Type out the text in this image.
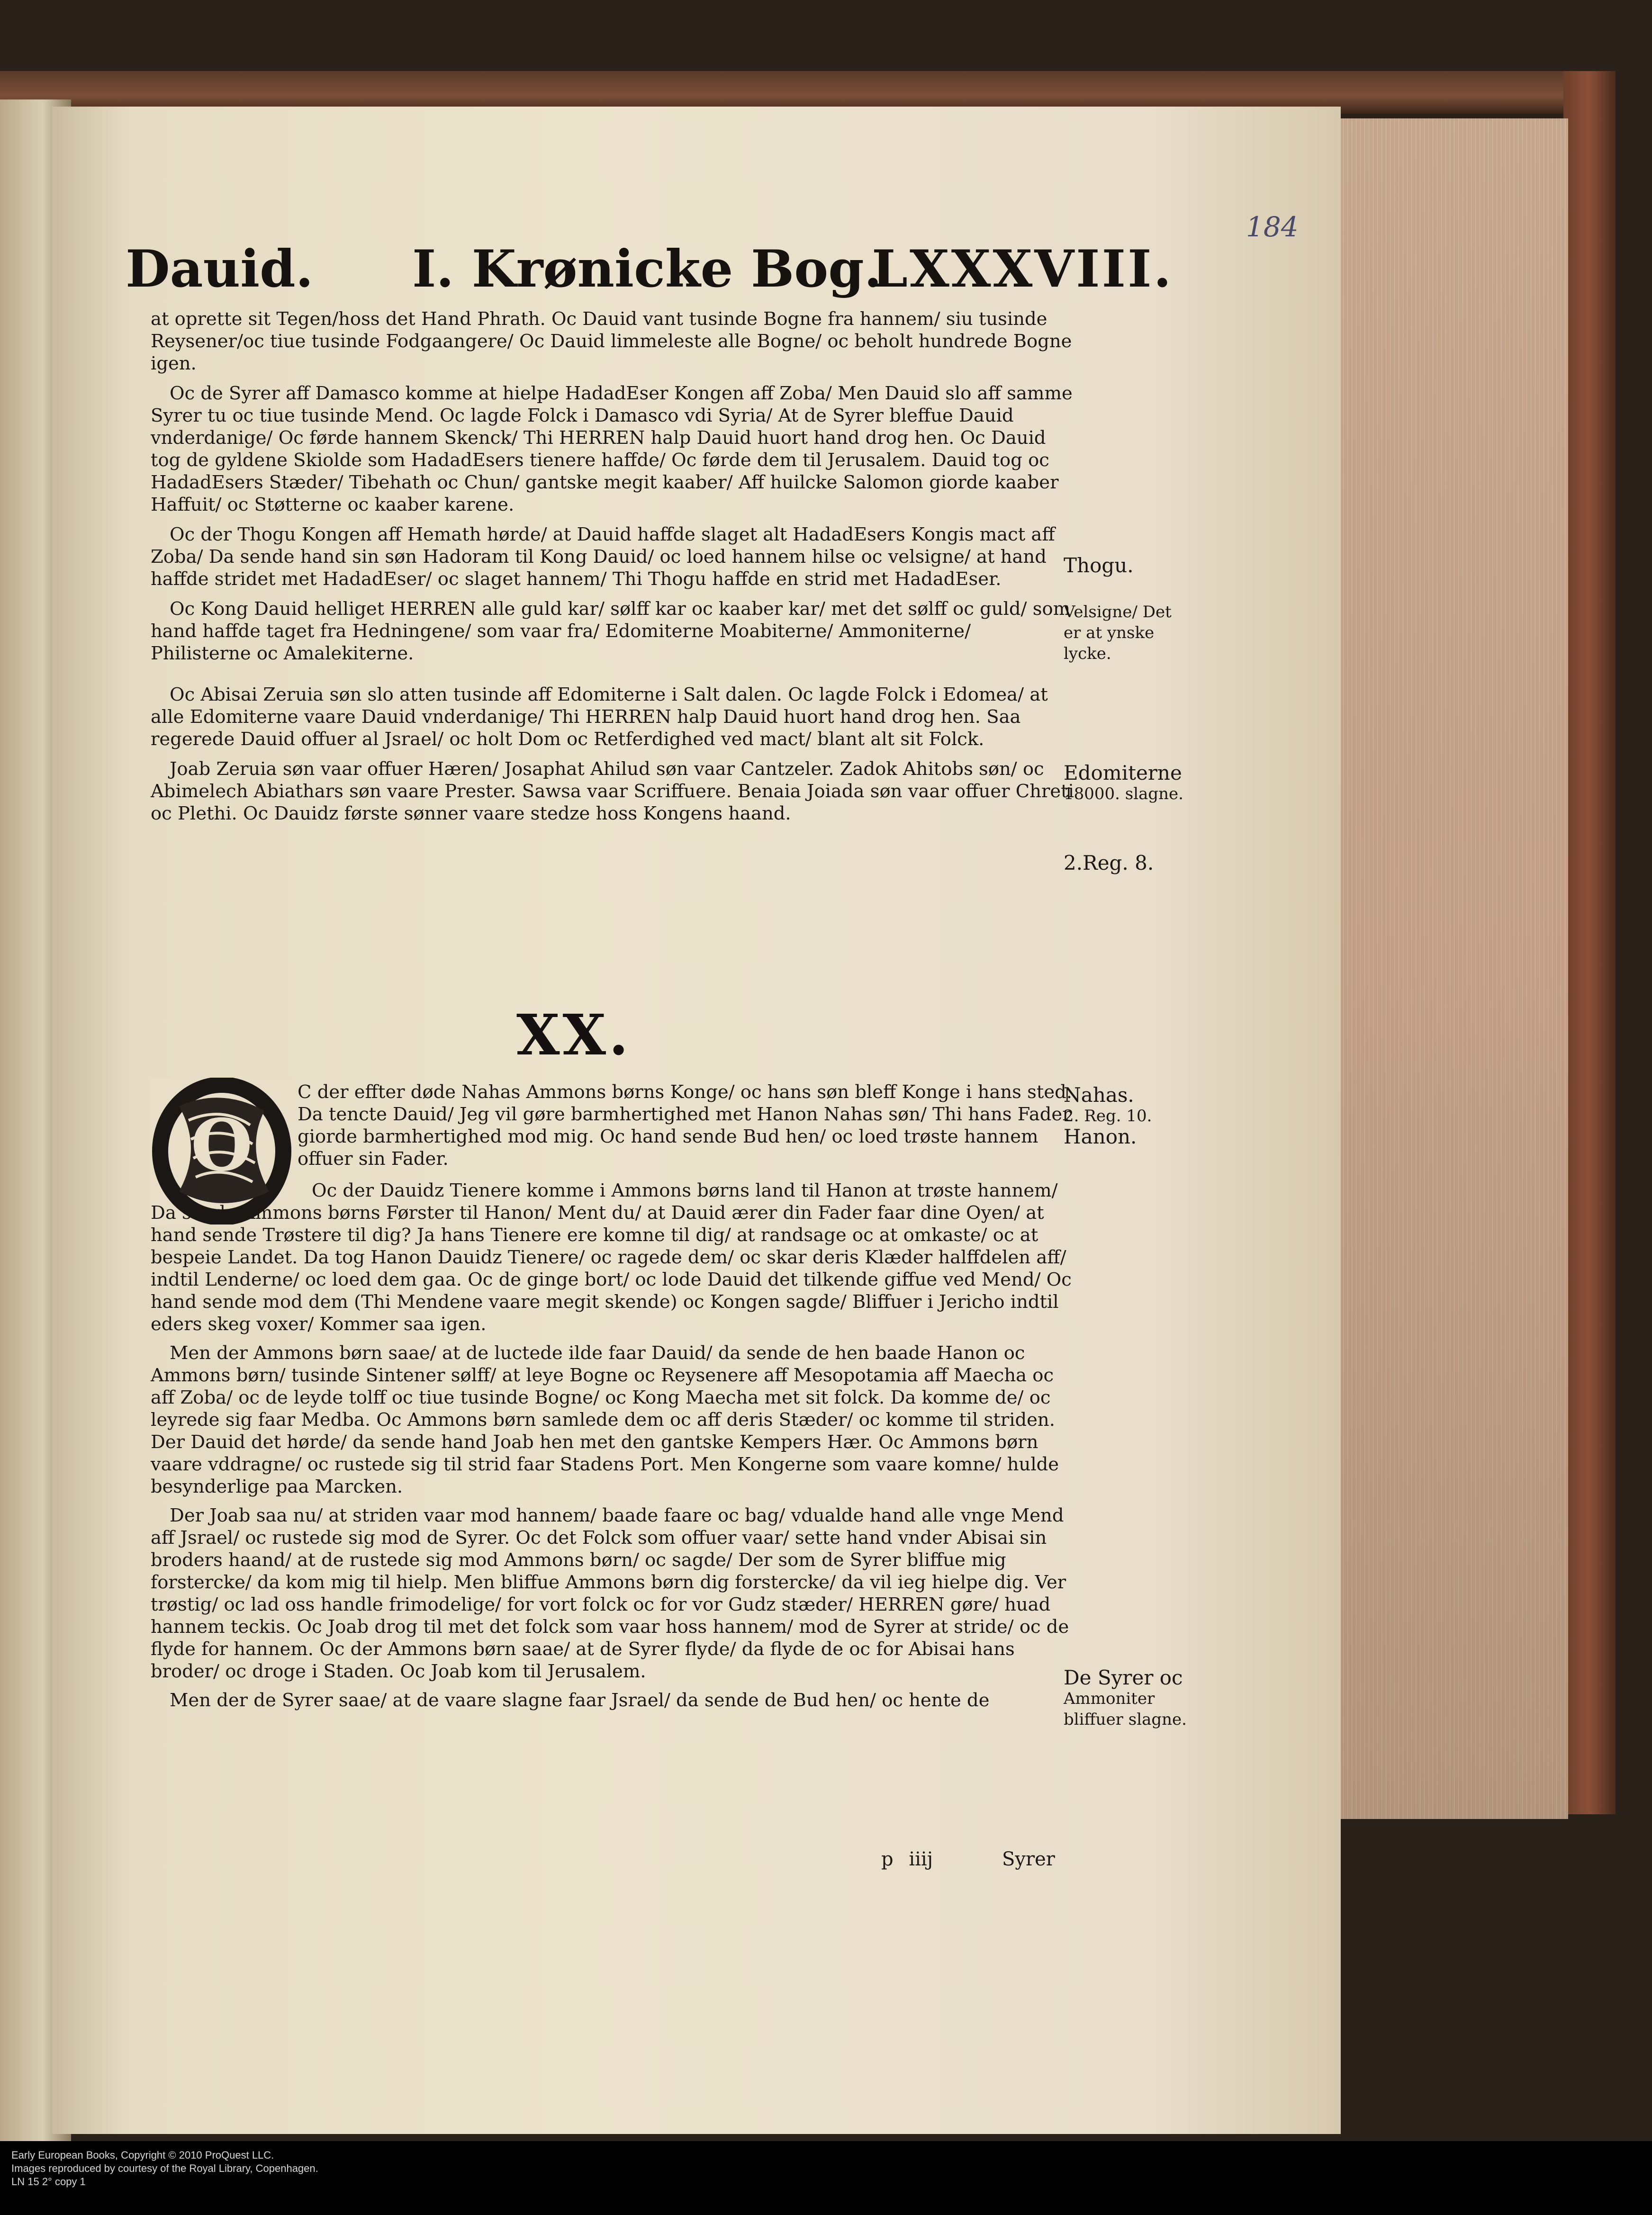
184
Dauid. I. Krønicke Bog.
LXXXVIII.

at oprette sit Tegen/hoss det Hand Phrath. Oc Dauid vant tusinde Bogne fra hannem/ siu tusinde Reysener/oc tiue tusinde Fodgaangere/ Oc Dauid limmeleste alle Bogne/ oc beholt hundrede Bogne igen.

Oc de Syrer aff Damasco komme at hielpe HadadEser Kongen aff Zoba/ Men Dauid slo aff samme Syrer tu oc tiue tusinde Mend. Oc lagde Folck i Damasco vdi Syria/ At de Syrer bleffue Dauid vnderdanige/ Oc førde hannem Skenck/ Thi HERREN halp Dauid huort hand drog hen. Oc Dauid tog de gyldene Skiolde som HadadEsers tienere haffde/ Oc førde dem til Jerusalem. Dauid tog oc HadadEsers Stæder/ Tibehath oc Chun/ gantske megit kaaber/ Aff huilcke Salomon giorde kaaber Haffuit/ oc Støtterne oc kaaber karene.

Oc der Thogu Kongen aff Hemath hørde/ at Dauid haffde slaget alt HadadEsers Kongis mact aff Zoba/ Da sende hand sin søn Hadoram til Kong Dauid/ oc loed hannem hilse oc velsigne/ at hand haffde stridet met HadadEser/ oc slaget hannem/ Thi Thogu haffde en strid met HadadEser.

Oc Kong Dauid helliget HERREN alle guld kar/ sølff kar oc kaaber kar/ met det sølff oc guld/ som hand haffde taget fra Hedningene/ som vaar fra/ Edomiterne Moabiterne/ Ammoniterne/ Philisterne oc Amalekiterne.

Oc Abisai Zeruia søn slo atten tusinde aff Edomiterne i Salt dalen. Oc lagde Folck i Edomea/ at alle Edomiterne vaare Dauid vnderdanige/ Thi HERREN halp Dauid huort hand drog hen. Saa regerede Dauid offuer al Jsrael/ oc holt Dom oc Retferdighed ved mact/ blant alt sit Folck.

Joab Zeruia søn vaar offuer Hæren/ Josaphat Ahilud søn vaar Cantzeler. Zadok Ahitobs søn/ oc Abimelech Abiathars søn vaare Prester. Sawsa vaar Scriffuere. Benaia Joiada søn vaar offuer Chreti oc Plethi. Oc Dauidz første sønner vaare stedze hoss Kongens haand.

Thogu.
Velsigne/ Det
er at ynske lycke.
Edomiterne
18000. slagne.
2.Reg. 8.
XX.
O

C der effter døde Nahas Ammons børns Konge/ oc hans søn bleff Konge i hans sted. Da tencte Dauid/ Jeg vil gøre barmhertighed met Hanon Nahas søn/ Thi hans Fader giorde barmhertighed mod mig. Oc hand sende Bud hen/ oc loed trøste hannem offuer sin Fader.

Oc der Dauidz Tienere komme i Ammons børns land til Hanon at trøste hannem/ Da sagde Ammons børns Førster til Hanon/ Ment du/ at Dauid ærer din Fader faar dine Oyen/ at hand sende Trøstere til dig? Ja hans Tienere ere komne til dig/ at randsage oc at omkaste/ oc at bespeie Landet. Da tog Hanon Dauidz Tienere/ oc ragede dem/ oc skar deris Klæder halffdelen aff/ indtil Lenderne/ oc loed dem gaa. Oc de ginge bort/ oc lode Dauid det tilkende giffue ved Mend/ Oc hand sende mod dem (Thi Mendene vaare megit skende) oc Kongen sagde/ Bliffuer i Jericho indtil eders skeg voxer/ Kommer saa igen.

Men der Ammons børn saae/ at de luctede ilde faar Dauid/ da sende de hen baade Hanon oc Ammons børn/ tusinde Sintener sølff/ at leye Bogne oc Reysenere aff Mesopotamia aff Maecha oc aff Zoba/ oc de leyde tolff oc tiue tusinde Bogne/ oc Kong Maecha met sit folck. Da komme de/ oc leyrede sig faar Medba. Oc Ammons børn samlede dem oc aff deris Stæder/ oc komme til striden. Der Dauid det hørde/ da sende hand Joab hen met den gantske Kempers Hær. Oc Ammons børn vaare vddragne/ oc rustede sig til strid faar Stadens Port. Men Kongerne som vaare komne/ hulde besynderlige paa Marcken.

Der Joab saa nu/ at striden vaar mod hannem/ baade faare oc bag/ vdualde hand alle vnge Mend aff Jsrael/ oc rustede sig mod de Syrer. Oc det Folck som offuer vaar/ sette hand vnder Abisai sin broders haand/ at de rustede sig mod Ammons børn/ oc sagde/ Der som de Syrer bliffue mig forstercke/ da kom mig til hielp. Men bliffue Ammons børn dig forstercke/ da vil ieg hielpe dig. Ver trøstig/ oc lad oss handle frimodelige/ for vort folck oc for vor Gudz stæder/ HERREN gøre/ huad hannem teckis. Oc Joab drog til met det folck som vaar hoss hannem/ mod de Syrer at stride/ oc de flyde for hannem. Oc der Ammons børn saae/ at de Syrer flyde/ da flyde de oc for Abisai hans broder/ oc droge i Staden. Oc Joab kom til Jerusalem.

Men der de Syrer saae/ at de vaare slagne faar Jsrael/ da sende de Bud hen/ oc hente de

Nahas.
2. Reg. 10.
Hanon.
De Syrer oc
Ammoniter
bliffuer slagne.
p iiij	Syrer
Early European Books, Copyright © 2010 ProQuest LLC.
Images reproduced by courtesy of the Royal Library, Copenhagen.
LN 15 2° copy 1
